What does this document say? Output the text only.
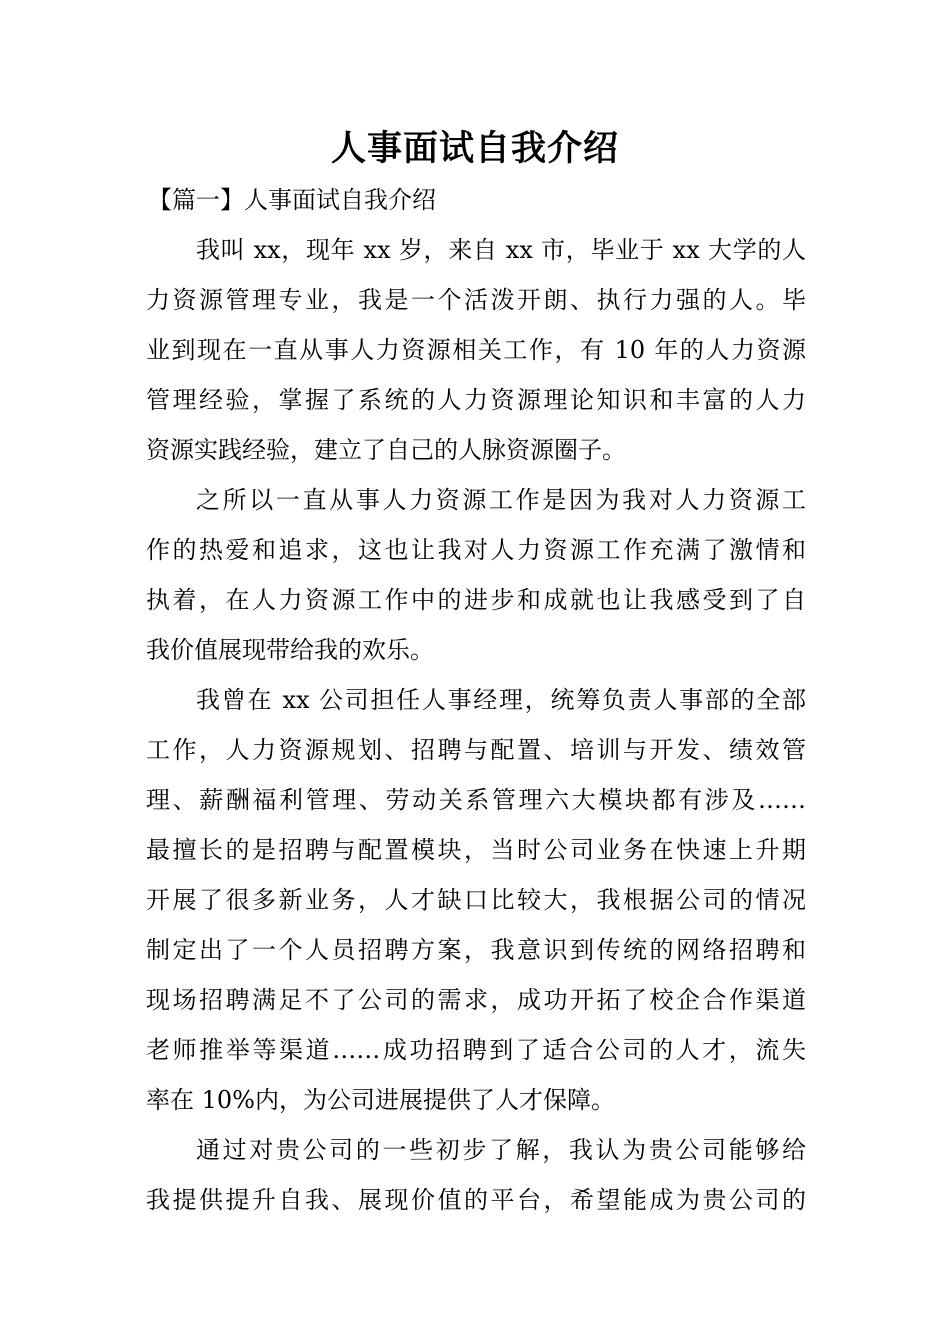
人事面试自我介绍
【篇一】人事面试自我介绍
我叫 xx，现年 xx 岁，来自 xx 市，毕业于 xx 大学的人
力资源管理专业，我是一个活泼开朗、执行力强的人。毕
业到现在一直从事人力资源相关工作，有 10 年的人力资源
管理经验，掌握了系统的人力资源理论知识和丰富的人力
资源实践经验，建立了自己的人脉资源圈子。
之所以一直从事人力资源工作是因为我对人力资源工
作的热爱和追求，这也让我对人力资源工作充满了激情和
执着，在人力资源工作中的进步和成就也让我感受到了自
我价值展现带给我的欢乐。
我曾在 xx 公司担任人事经理，统筹负责人事部的全部
工作，人力资源规划、招聘与配置、培训与开发、绩效管
理、薪酬福利管理、劳动关系管理六大模块都有涉及……
最擅长的是招聘与配置模块，当时公司业务在快速上升期
开展了很多新业务，人才缺口比较大，我根据公司的情况
制定出了一个人员招聘方案，我意识到传统的网络招聘和
现场招聘满足不了公司的需求，成功开拓了校企合作渠道
老师推举等渠道……成功招聘到了适合公司的人才，流失
率在 10%内，为公司进展提供了人才保障。
通过对贵公司的一些初步了解，我认为贵公司能够给
我提供提升自我、展现价值的平台，希望能成为贵公司的
